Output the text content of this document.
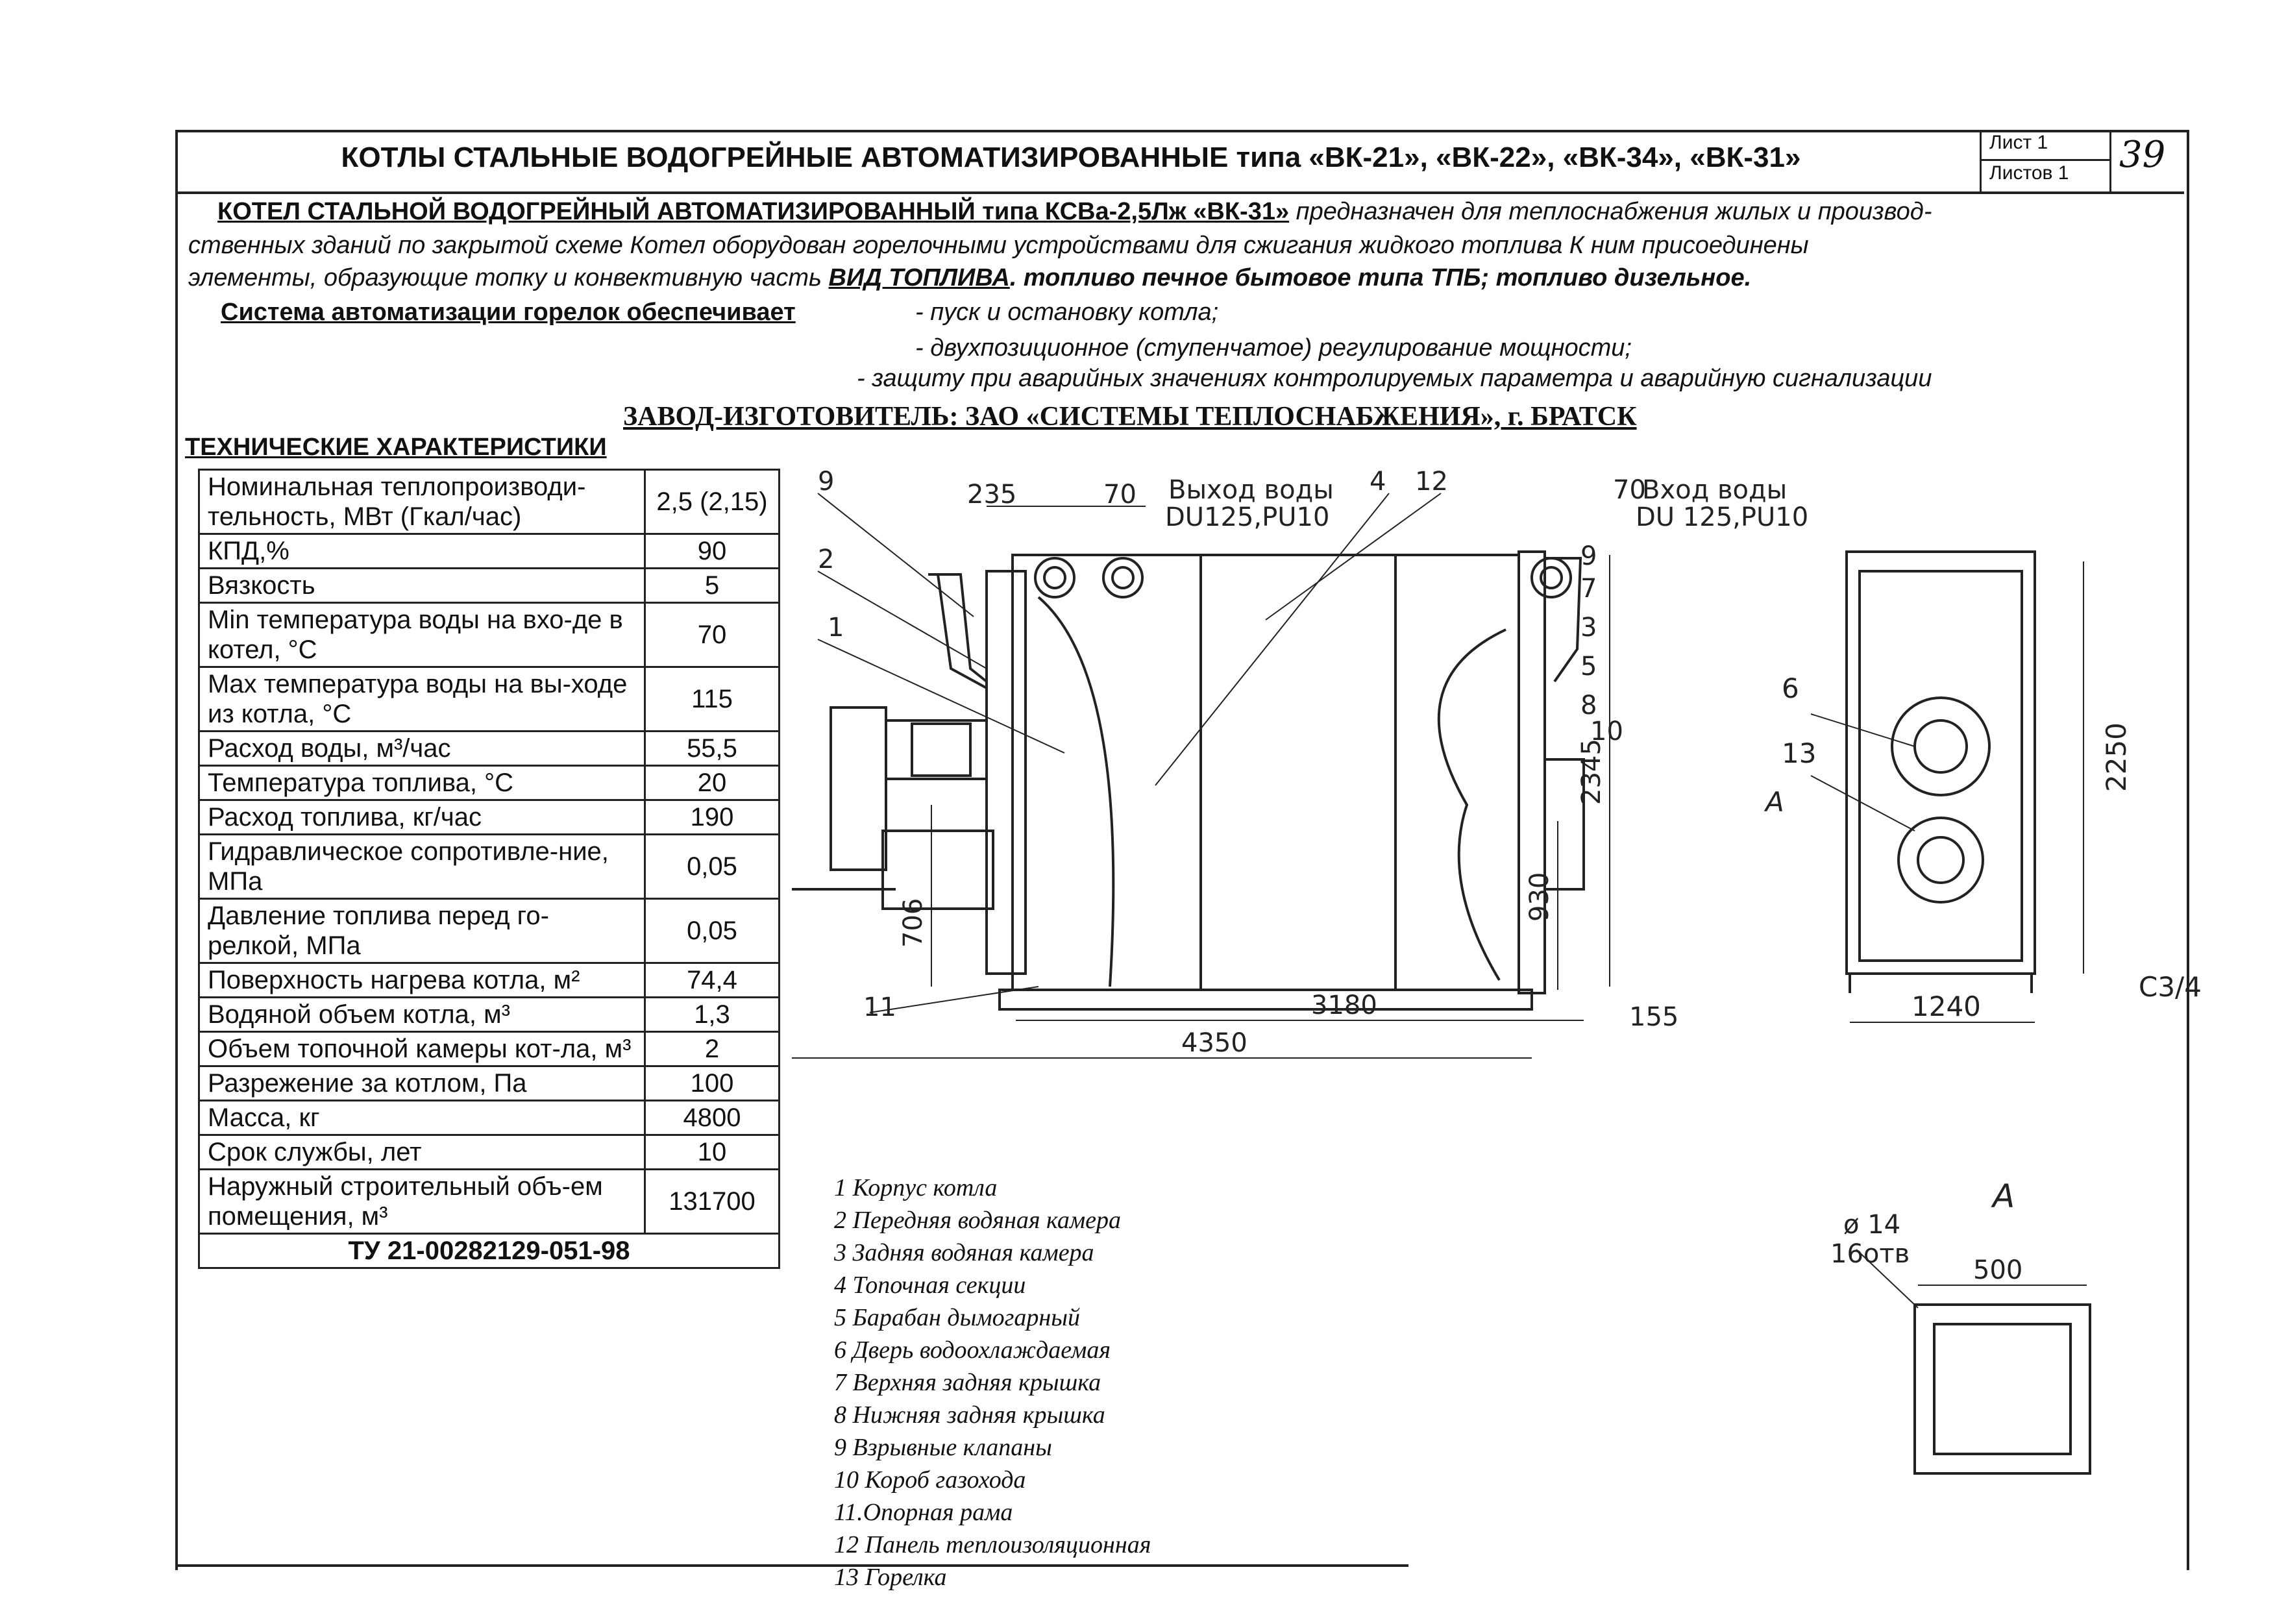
КОТЛЫ СТАЛЬНЫЕ ВОДОГРЕЙНЫЕ АВТОМАТИЗИРОВАННЫЕ типа «ВК-21», «ВК-22», «ВК-34», «ВК-31»	Лист 1
Листов 1 39
КОТЕЛ СТАЛЬНОЙ ВОДОГРЕЙНЫЙ АВТОМАТИЗИРОВАННЫЙ типа КСВа-2,5Лж «ВК-31» предназначен для теплоснабжения жилых и производ-
ственных зданий по закрытой схеме Котел оборудован горелочными устройствами для сжигания жидкого топлива К ним присоединены
элементы, образующие топку и конвективную часть ВИД ТОПЛИВА. топливо печное бытовое типа ТПБ; топливо дизельное.
Система автоматизации горелок обеспечивает	- пуск и остановку котла;
- двухпозиционное (ступенчатое) регулирование мощности;
- защиту при аварийных значениях контролируемых параметра и аварийную сигнализации
ЗАВОД-ИЗГОТОВИТЕЛЬ: ЗАО «СИСТЕМЫ ТЕПЛОСНАБЖЕНИЯ», г. БРАТСК
ТЕХНИЧЕСКИЕ ХАРАКТЕРИСТИКИ
Номинальная теплопроизводи-тельность, МВт (Гкал/час)	2,5 (2,15)
КПД,%	90
Вязкость	5
Min температура воды на вхо-де в котел, °С	70
Max температура воды на вы-ходе из котла, °С	115
Расход воды, м³/час	55,5
Температура топлива, °С	20
Расход топлива, кг/час	190
Гидравлическое сопротивле-ние, МПа	0,05
Давление топлива перед го-релкой, МПа	0,05
Поверхность нагрева котла, м²	74,4
Водяной объем котла, м³	1,3
Объем топочной камеры кот-ла, м³	2
Разрежение за котлом, Па	100
Масса, кг	4800
Срок службы, лет	10
Наружный строительный объ-ем помещения, м³	131700
ТУ 21-00282129-051-98	
1 Корпус котла
2 Передняя водяная камера
3 Задняя водяная камера
4 Топочная секции
5 Барабан дымогарный
6 Дверь водоохлаждаемая
7 Верхняя задняя крышка
8 Нижняя задняя крышка
9 Взрывные клапаны
10 Короб газохода
11.Опорная рама
12 Панель теплоизоляционная
13 Горелка
235	70 Выход воды
DU125,PU10
70
Вход воды
DU 125,PU10
3180
4350
155
2345
930
706
9
2
1
4 12
9
7
3
5
8
10
11
6
13	2250
1240
A
С3/4
A
ø 14
16отв
500
